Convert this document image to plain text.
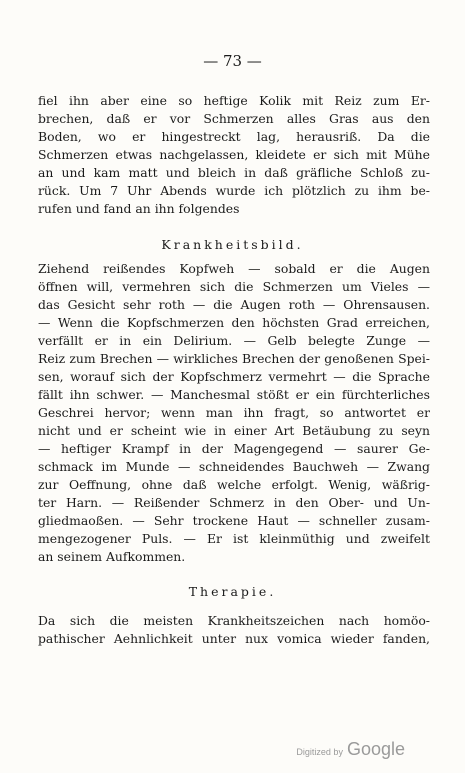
— 73 —
fiel ihn aber eine so heftige Kolik mit Reiz zum Er-
brechen, daß er vor Schmerzen alles Gras aus den
Boden, wo er hingestreckt lag, herausriß. Da die
Schmerzen etwas nachgelassen, kleidete er sich mit Mühe
an und kam matt und bleich in daß gräfliche Schloß zu-
rück. Um 7 Uhr Abends wurde ich plötzlich zu ihm be-
rufen und fand an ihn folgendes
Krankheitsbild.
Ziehend reißendes Kopfweh — sobald er die Augen
öffnen will, vermehren sich die Schmerzen um Vieles —
das Gesicht sehr roth — die Augen roth — Ohrensausen.
— Wenn die Kopfschmerzen den höchsten Grad erreichen,
verfällt er in ein Delirium. — Gelb belegte Zunge —
Reiz zum Brechen — wirkliches Brechen der genoßenen Spei-
sen, worauf sich der Kopfschmerz vermehrt — die Sprache
fällt ihn schwer. — Manchesmal stößt er ein fürchterliches
Geschrei hervor; wenn man ihn fragt, so antwortet er
nicht und er scheint wie in einer Art Betäubung zu seyn
— heftiger Krampf in der Magengegend — saurer Ge-
schmack im Munde — schneidendes Bauchweh — Zwang
zur Oeffnung, ohne daß welche erfolgt. Wenig, wäßrig-
ter Harn. — Reißender Schmerz in den Ober- und Un-
gliedmaoßen. — Sehr trockene Haut — schneller zusam-
mengezogener Puls. — Er ist kleinmüthig und zweifelt
an seinem Aufkommen.
Therapie.
Da sich die meisten Krankheitszeichen nach homöo-
pathischer Aehnlichkeit unter nux vomica wieder fanden,
Digitized by Google
